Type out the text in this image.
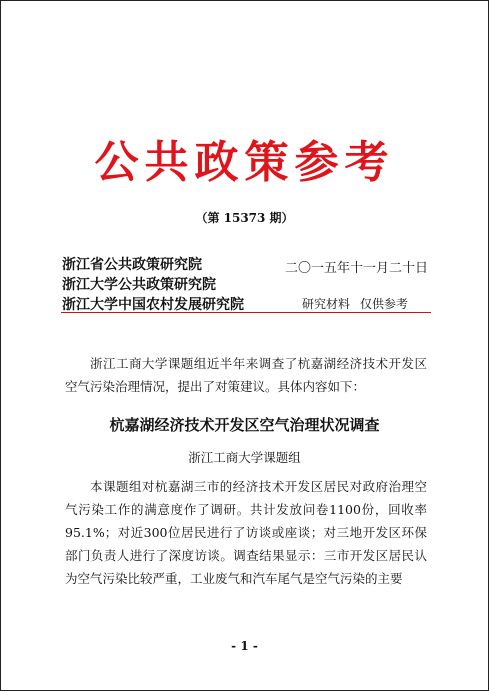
公共政策参考
（第 15373 期）
浙江省公共政策研究院
浙江大学公共政策研究院
浙江大学中国农村发展研究院
二〇一五年十一月二十日
研究材料 仅供参考
浙江工商大学课题组近半年来调查了杭嘉湖经济技术开发区空气污染治理情况，提出了对策建议。具体内容如下：
杭嘉湖经济技术开发区空气治理状况调查
浙江工商大学课题组
本课题组对杭嘉湖三市的经济技术开发区居民对政府治理空气污染工作的满意度作了调研。共计发放问卷1100份，回收率95.1%；对近300位居民进行了访谈或座谈；对三地开发区环保部门负责人进行了深度访谈。调查结果显示：三市开发区居民认为空气污染比较严重，工业废气和汽车尾气是空气污染的主要
- 1 -
